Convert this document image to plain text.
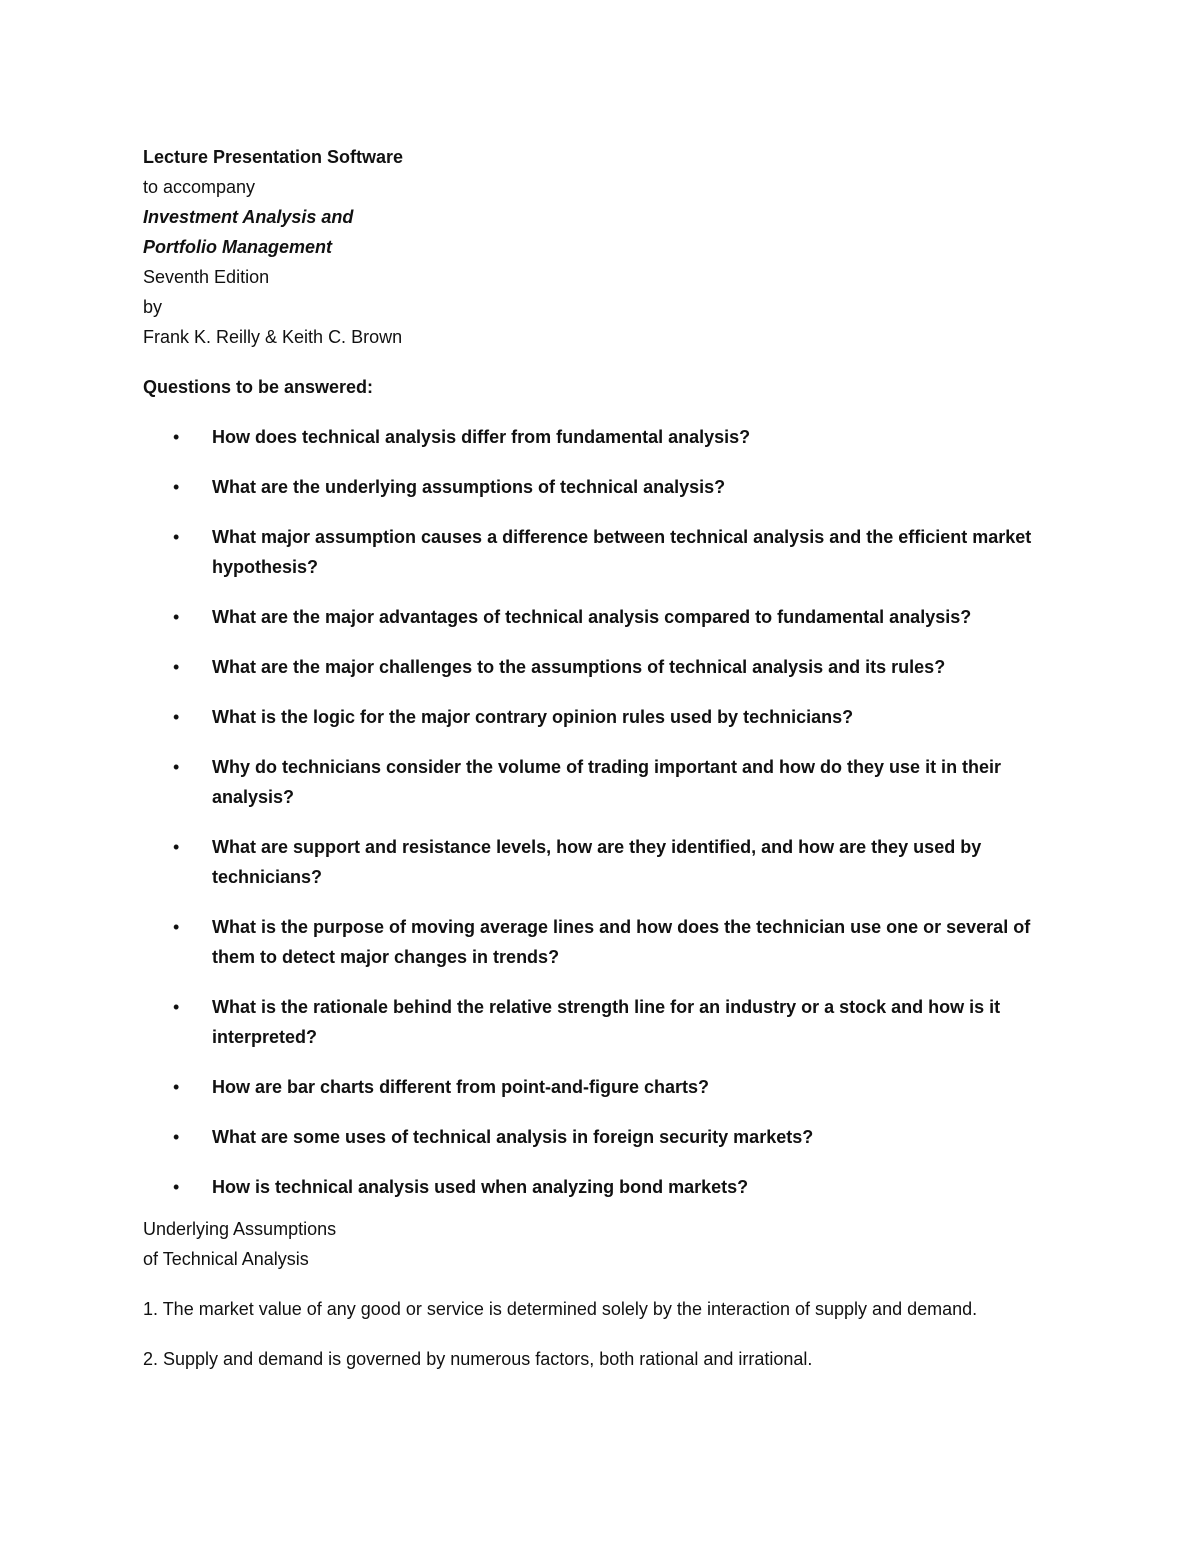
Lecture Presentation Software

to accompany

Investment Analysis and

Portfolio Management

Seventh Edition

by

Frank K. Reilly & Keith C. Brown

Questions to be answered:

• How does technical analysis differ from fundamental analysis?
• What are the underlying assumptions of technical analysis?
• What major assumption causes a difference between technical analysis and the efficient market hypothesis?
• What are the major advantages of technical analysis compared to fundamental analysis?
• What are the major challenges to the assumptions of technical analysis and its rules?
• What is the logic for the major contrary opinion rules used by technicians?
• Why do technicians consider the volume of trading important and how do they use it in their analysis?
• What are support and resistance levels, how are they identified, and how are they used by technicians?
• What is the purpose of moving average lines and how does the technician use one or several of them to detect major changes in trends?
• What is the rationale behind the relative strength line for an industry or a stock and how is it interpreted?
• How are bar charts different from point-and-figure charts?
• What are some uses of technical analysis in foreign security markets?
• How is technical analysis used when analyzing bond markets?

Underlying Assumptions

of Technical Analysis

1. The market value of any good or service is determined solely by the interaction of supply and demand.

2. Supply and demand is governed by numerous factors, both rational and irrational.
